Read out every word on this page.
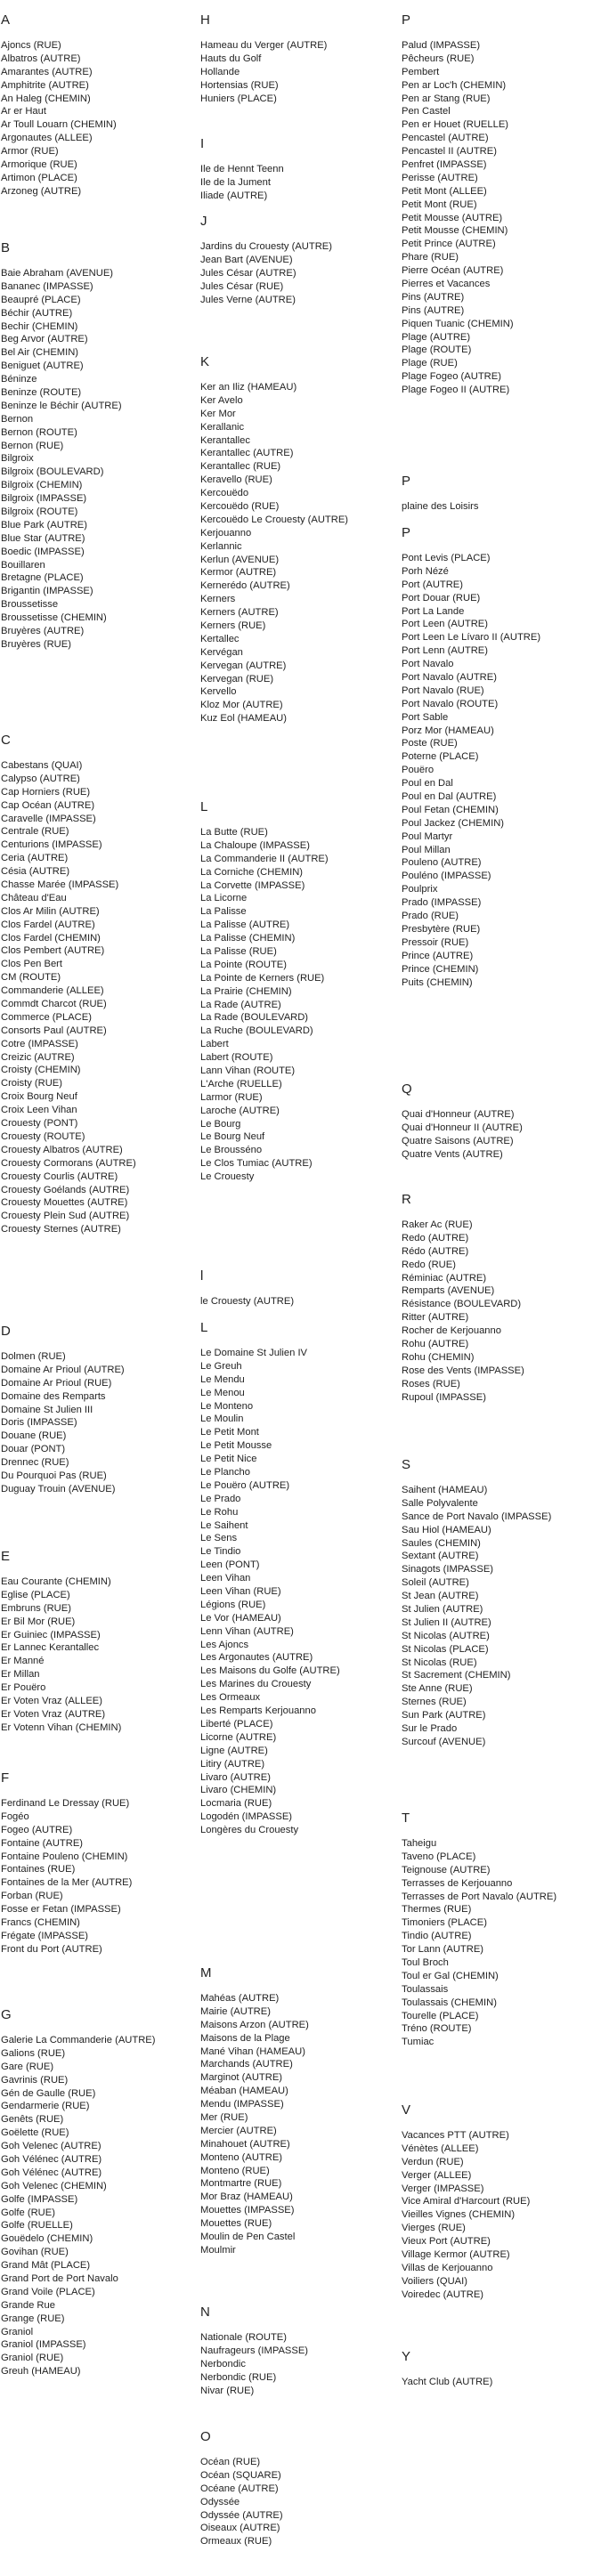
A
Ajoncs (RUE)
Albatros (AUTRE)
Amarantes (AUTRE)
Amphitrite (AUTRE)
An Haleg (CHEMIN)
Ar er Haut
Ar Toull Louarn (CHEMIN)
Argonautes (ALLEE)
Armor (RUE)
Armorique (RUE)
Artimon (PLACE)
Arzoneg (AUTRE)
B
Baie Abraham (AVENUE)
Bananec (IMPASSE)
Beaupré (PLACE)
Béchir (AUTRE)
Bechir (CHEMIN)
Beg Arvor (AUTRE)
Bel Air (CHEMIN)
Beniguet (AUTRE)
Béninze
Beninze (ROUTE)
Beninze le Béchir (AUTRE)
Bernon
Bernon (ROUTE)
Bernon (RUE)
Bilgroix
Bilgroix (BOULEVARD)
Bilgroix (CHEMIN)
Bilgroix (IMPASSE)
Bilgroix (ROUTE)
Blue Park (AUTRE)
Blue Star (AUTRE)
Boedic (IMPASSE)
Bouillaren
Bretagne (PLACE)
Brigantin (IMPASSE)
Broussetisse
Broussetisse (CHEMIN)
Bruyères (AUTRE)
Bruyères (RUE)
C
Cabestans (QUAI)
Calypso (AUTRE)
Cap Horniers (RUE)
Cap Océan (AUTRE)
Caravelle (IMPASSE)
Centrale (RUE)
Centurions (IMPASSE)
Ceria (AUTRE)
Césia (AUTRE)
Chasse Marée (IMPASSE)
Château d'Eau
Clos Ar Milin (AUTRE)
Clos Fardel (AUTRE)
Clos Fardel (CHEMIN)
Clos Pembert (AUTRE)
Clos Pen Bert
CM (ROUTE)
Commanderie (ALLEE)
Commdt Charcot (RUE)
Commerce (PLACE)
Consorts Paul (AUTRE)
Cotre (IMPASSE)
Creizic (AUTRE)
Croisty (CHEMIN)
Croisty (RUE)
Croix Bourg Neuf
Croix Leen Vihan
Crouesty (PONT)
Crouesty (ROUTE)
Crouesty Albatros (AUTRE)
Crouesty Cormorans (AUTRE)
Crouesty Courlis (AUTRE)
Crouesty Goélands (AUTRE)
Crouesty Mouettes (AUTRE)
Crouesty Plein Sud (AUTRE)
Crouesty Sternes (AUTRE)
D
Dolmen (RUE)
Domaine Ar Prioul (AUTRE)
Domaine Ar Prioul (RUE)
Domaine des Remparts
Domaine St Julien III
Doris (IMPASSE)
Douane (RUE)
Douar (PONT)
Drennec (RUE)
Du Pourquoi Pas (RUE)
Duguay Trouin (AVENUE)
E
Eau Courante (CHEMIN)
Eglise (PLACE)
Embruns (RUE)
Er Bil Mor (RUE)
Er Guiniec (IMPASSE)
Er Lannec Kerantallec
Er Manné
Er Millan
Er Pouëro
Er Voten Vraz (ALLEE)
Er Voten Vraz (AUTRE)
Er Votenn Vihan (CHEMIN)
F
Ferdinand Le Dressay (RUE)
Fogéo
Fogeo (AUTRE)
Fontaine (AUTRE)
Fontaine Pouleno (CHEMIN)
Fontaines (RUE)
Fontaines de la Mer (AUTRE)
Forban (RUE)
Fosse er Fetan (IMPASSE)
Francs (CHEMIN)
Frégate (IMPASSE)
Front du Port (AUTRE)
G
Galerie La Commanderie (AUTRE)
Galions (RUE)
Gare (RUE)
Gavrinis (RUE)
Gén de Gaulle (RUE)
Gendarmerie (RUE)
Genêts (RUE)
Goëlette (RUE)
Goh Velenec (AUTRE)
Goh Vélénec (AUTRE)
Goh Vélénec (AUTRE)
Goh Velenec (CHEMIN)
Golfe (IMPASSE)
Golfe (RUE)
Golfe (RUELLE)
Gouëdelo (CHEMIN)
Govihan (RUE)
Grand Mât (PLACE)
Grand Port de Port Navalo
Grand Voile (PLACE)
Grande Rue
Grange (RUE)
Graniol
Graniol (IMPASSE)
Graniol (RUE)
Greuh (HAMEAU)
H
Hameau du Verger (AUTRE)
Hauts du Golf
Hollande
Hortensias (RUE)
Huniers (PLACE)
I
Ile de Hennt Teenn
Ile de la Jument
Iliade (AUTRE)
J
Jardins du Crouesty (AUTRE)
Jean Bart (AVENUE)
Jules César (AUTRE)
Jules César (RUE)
Jules Verne (AUTRE)
K
Ker an Iliz (HAMEAU)
Ker Avelo
Ker Mor
Kerallanic
Kerantallec
Kerantallec (AUTRE)
Kerantallec (RUE)
Keravello (RUE)
Kercouëdo
Kercouëdo (RUE)
Kercouëdo Le Crouesty (AUTRE)
Kerjouanno
Kerlannic
Kerlun (AVENUE)
Kermor (AUTRE)
Kernerédo (AUTRE)
Kerners
Kerners (AUTRE)
Kerners (RUE)
Kertallec
Kervégan
Kervegan (AUTRE)
Kervegan (RUE)
Kervello
Kloz Mor (AUTRE)
Kuz Eol (HAMEAU)
L
La Butte (RUE)
La Chaloupe (IMPASSE)
La Commanderie II (AUTRE)
La Corniche (CHEMIN)
La Corvette (IMPASSE)
La Licorne
La Palisse
La Palisse (AUTRE)
La Palisse (CHEMIN)
La Palisse (RUE)
La Pointe (ROUTE)
La Pointe de Kerners (RUE)
La Prairie (CHEMIN)
La Rade (AUTRE)
La Rade (BOULEVARD)
La Ruche (BOULEVARD)
Labert
Labert (ROUTE)
Lann Vihan (ROUTE)
L'Arche (RUELLE)
Larmor (RUE)
Laroche (AUTRE)
Le Bourg
Le Bourg Neuf
Le Brousséno
Le Clos Tumiac (AUTRE)
Le Crouesty
l
le Crouesty (AUTRE)
L
Le Domaine St Julien IV
Le Greuh
Le Mendu
Le Menou
Le Monteno
Le Moulin
Le Petit Mont
Le Petit Mousse
Le Petit Nice
Le Plancho
Le Pouëro (AUTRE)
Le Prado
Le Rohu
Le Saihent
Le Sens
Le Tindio
Leen (PONT)
Leen Vihan
Leen Vihan (RUE)
Légions (RUE)
Le Vor (HAMEAU)
Lenn Vihan (AUTRE)
Les Ajoncs
Les Argonautes (AUTRE)
Les Maisons du Golfe (AUTRE)
Les Marines du Crouesty
Les Ormeaux
Les Remparts Kerjouanno
Liberté (PLACE)
Licorne (AUTRE)
Ligne (AUTRE)
Litiry (AUTRE)
Livaro (AUTRE)
Livaro (CHEMIN)
Locmaria (RUE)
Logodén (IMPASSE)
Longères du Crouesty
M
Mahéas (AUTRE)
Mairie (AUTRE)
Maisons Arzon (AUTRE)
Maisons de la Plage
Mané Vihan (HAMEAU)
Marchands (AUTRE)
Marginot (AUTRE)
Méaban (HAMEAU)
Mendu (IMPASSE)
Mer (RUE)
Mercier (AUTRE)
Minahouet (AUTRE)
Monteno (AUTRE)
Monteno (RUE)
Montmartre (RUE)
Mor Braz (HAMEAU)
Mouettes (IMPASSE)
Mouettes (RUE)
Moulin de Pen Castel
Moulmir
N
Nationale (ROUTE)
Naufrageurs (IMPASSE)
Nerbondic
Nerbondic (RUE)
Nivar (RUE)
O
Océan (RUE)
Océan (SQUARE)
Océane (AUTRE)
Odyssée
Odyssée (AUTRE)
Oiseaux (AUTRE)
Ormeaux (RUE)
P
Palud (IMPASSE)
Pêcheurs (RUE)
Pembert
Pen ar Loc'h (CHEMIN)
Pen ar Stang (RUE)
Pen Castel
Pen er Houet (RUELLE)
Pencastel (AUTRE)
Pencastel II (AUTRE)
Penfret (IMPASSE)
Perisse (AUTRE)
Petit Mont (ALLEE)
Petit Mont (RUE)
Petit Mousse (AUTRE)
Petit Mousse (CHEMIN)
Petit Prince (AUTRE)
Phare (RUE)
Pierre Océan (AUTRE)
Pierres et Vacances
Pins (AUTRE)
Pins (AUTRE)
Piquen Tuanic (CHEMIN)
Plage (AUTRE)
Plage (ROUTE)
Plage (RUE)
Plage Fogeo (AUTRE)
Plage Fogeo II (AUTRE)
P
plaine des Loisirs
P
Pont Levis (PLACE)
Porh Nézé
Port (AUTRE)
Port Douar (RUE)
Port La Lande
Port Leen (AUTRE)
Port Leen Le Lívaro II (AUTRE)
Port Lenn (AUTRE)
Port Navalo
Port Navalo (AUTRE)
Port Navalo (RUE)
Port Navalo (ROUTE)
Port Sable
Porz Mor (HAMEAU)
Poste (RUE)
Poterne (PLACE)
Pouëro
Poul en Dal
Poul en Dal (AUTRE)
Poul Fetan (CHEMIN)
Poul Jackez (CHEMIN)
Poul Martyr
Poul Millan
Pouleno (AUTRE)
Pouléno (IMPASSE)
Poulprix
Prado (IMPASSE)
Prado (RUE)
Presbytère (RUE)
Pressoir (RUE)
Prince (AUTRE)
Prince (CHEMIN)
Puits (CHEMIN)
Q
Quai d'Honneur (AUTRE)
Quai d'Honneur II (AUTRE)
Quatre Saisons (AUTRE)
Quatre Vents (AUTRE)
R
Raker Ac (RUE)
Redo (AUTRE)
Rédo (AUTRE)
Redo (RUE)
Réminiac (AUTRE)
Remparts (AVENUE)
Résistance (BOULEVARD)
Ritter (AUTRE)
Rocher de Kerjouanno
Rohu (AUTRE)
Rohu (CHEMIN)
Rose des Vents (IMPASSE)
Roses (RUE)
Rupoul (IMPASSE)
S
Saihent (HAMEAU)
Salle Polyvalente
Sance de Port Navalo (IMPASSE)
Sau Hiol (HAMEAU)
Saules (CHEMIN)
Sextant (AUTRE)
Sinagots (IMPASSE)
Soleil (AUTRE)
St Jean (AUTRE)
St Julien (AUTRE)
St Julien II (AUTRE)
St Nicolas (AUTRE)
St Nicolas (PLACE)
St Nicolas (RUE)
St Sacrement (CHEMIN)
Ste Anne (RUE)
Sternes (RUE)
Sun Park (AUTRE)
Sur le Prado
Surcouf (AVENUE)
T
Taheigu
Taveno (PLACE)
Teignouse (AUTRE)
Terrasses de Kerjouanno
Terrasses de Port Navalo (AUTRE)
Thermes (RUE)
Timoniers (PLACE)
Tindio (AUTRE)
Tor Lann (AUTRE)
Toul Broch
Toul er Gal (CHEMIN)
Toulassais
Toulassais (CHEMIN)
Tourelle (PLACE)
Tréno (ROUTE)
Tumiac
V
Vacances PTT (AUTRE)
Vénètes (ALLEE)
Verdun (RUE)
Verger (ALLEE)
Verger (IMPASSE)
Vice Amiral d'Harcourt (RUE)
Vieilles Vignes (CHEMIN)
Vierges (RUE)
Vieux Port (AUTRE)
Village Kermor (AUTRE)
Villas de Kerjouanno
Voiliers (QUAI)
Voiredec (AUTRE)
Y
Yacht Club (AUTRE)
